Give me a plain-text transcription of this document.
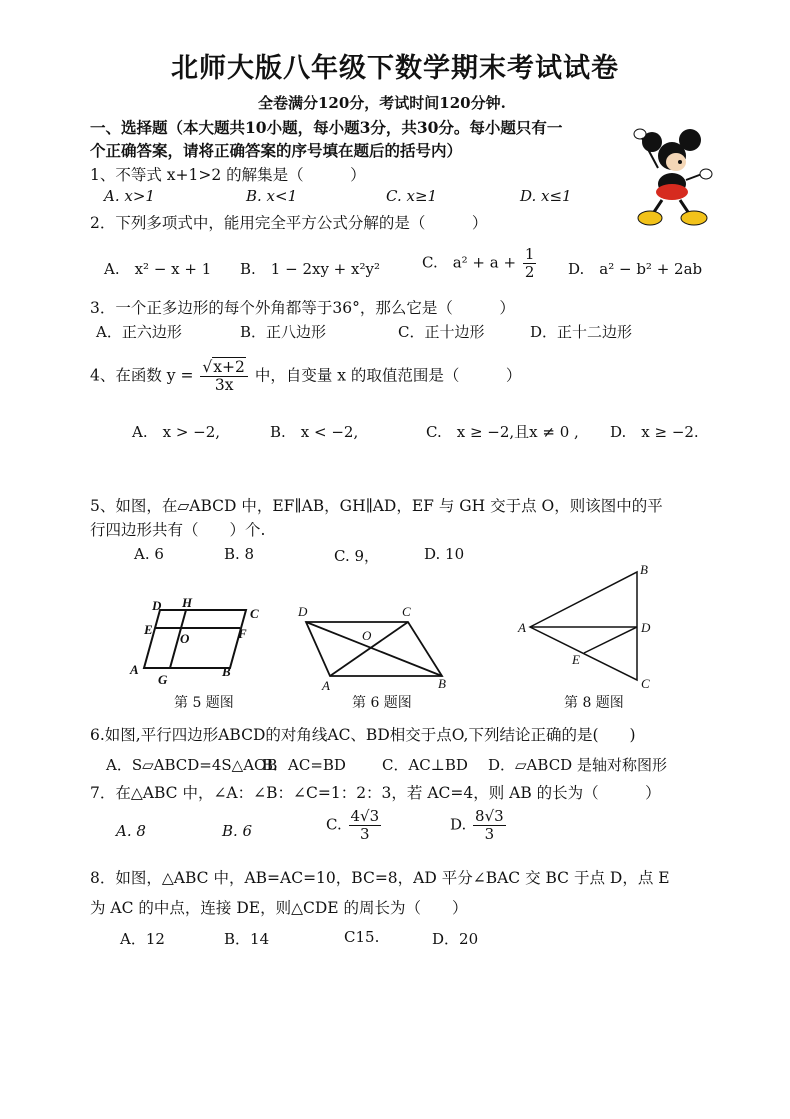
北师大版八年级下数学期末考试试卷
全卷满分120分，考试时间120分钟.
一、选择题（本大题共10小题，每小题3分，共30分。每小题只有一
个正确答案，请将正确答案的序号填在题后的括号内）
1、不等式 x+1>2 的解集是（　　　）
A. x>1	B. x<1	C. x≥1	D. x≤1
2．下列多项式中，能用完全平方公式分解的是（　　　）
A.　x² − x + 1 B.　1 − 2xy + x²y²	C.　$a^2 + a + \frac{1}{2} D$.　a² − b² + 2ab
3．一个正多边形的每个外角都等于36°，那么它是（　　　）
A．正六边形	B．正八边形	C．正十边形	D．正十二边形
4、在函数 $y = \frac{√x+2}{3x}$ 中，自变量 x 的取值范围是（　　　）
A.　x > −2,	B.　x < −2,	C.　x ≥ −2,且x ≠ 0 , D.　x ≥ −2.
5、如图，在▱ABCD 中，EF∥AB，GH∥AD，EF 与 GH 交于点 O，则该图中的平
行四边形共有（　　）个.
A. 6	B. 8	C. 9，	D. 10
D H
C
E
O	F
A
G
B
第 5 题图
D	C
O
A	B
第 6 题图
B
A	D
E
C
第 8 题图
6.如图,平行四边形ABCD的对角线AC、BD相交于点O,下列结论正确的是(　　)
A．S▱ABCD=4S△AOB
B．AC=BD C．AC⊥BD D．▱ABCD 是轴对称图形
7．在△ABC 中，∠A：∠B：∠C=1：2：3，若 AC=4，则 AB 的长为（　　　）
A. 8	B. 6	C. $\frac{4√3}{3}$	D. $\frac{8√3}{3}$
8．如图，△ABC 中，AB=AC=10，BC=8，AD 平分∠BAC 交 BC 于点 D，点 E
为 AC 的中点，连接 DE，则△CDE 的周长为（　　）
A．12	B．14	C15.	D．20
